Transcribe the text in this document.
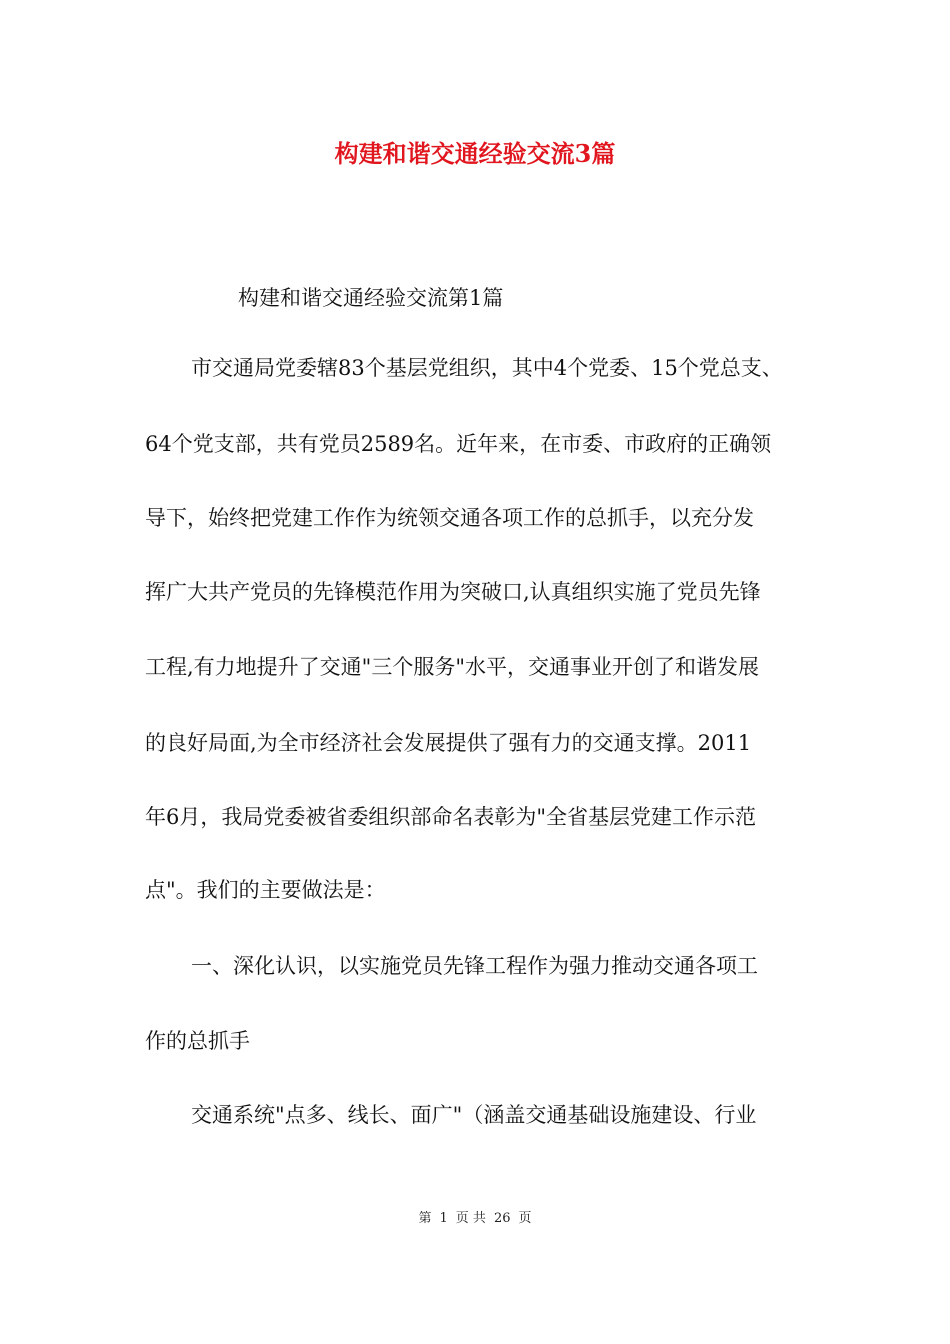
构建和谐交通经验交流3篇

构建和谐交通经验交流第1篇

市交通局党委辖83个基层党组织，其中4个党委、15个党总支、

64个党支部，共有党员2589名。近年来，在市委、市政府的正确领

导下，始终把党建工作作为统领交通各项工作的总抓手，以充分发

挥广大共产党员的先锋模范作用为突破口,认真组织实施了党员先锋

工程,有力地提升了交通"三个服务"水平，交通事业开创了和谐发展

的良好局面,为全市经济社会发展提供了强有力的交通支撑。2011

年6月，我局党委被省委组织部命名表彰为"全省基层党建工作示范

点"。我们的主要做法是：

一、深化认识，以实施党员先锋工程作为强力推动交通各项工

作的总抓手

交通系统"点多、线长、面广"（涵盖交通基础设施建设、行业

第 1 页 共 26 页
